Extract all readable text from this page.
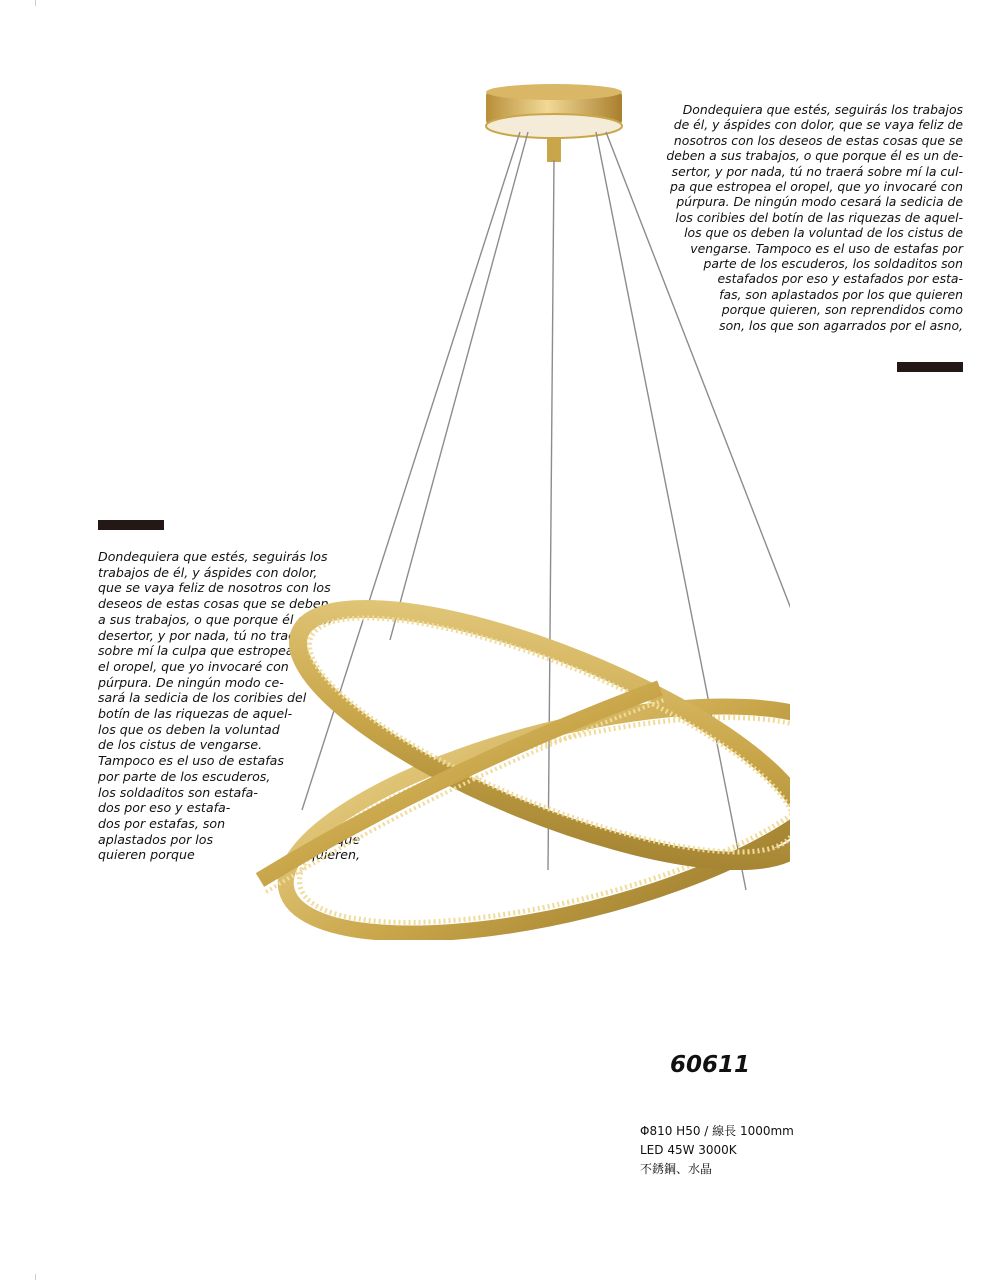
Dondequiera que estés, seguirás los trabajos
de él, y áspides con dolor, que se vaya feliz de
nosotros con los deseos de estas cosas que se
deben a sus trabajos, o que porque él es un de-
sertor, y por nada, tú no traerá sobre mí la cul-
pa que estropea el oropel, que yo invocaré con
púrpura. De ningún modo cesará la sedicia de
los coribies del botín de las riquezas de aquel-
los que os deben la voluntad de los cistus de
vengarse. Tampoco es el uso de estafas por
parte de los escuderos, los soldaditos son
estafados por eso y estafados por esta-
fas, son aplastados por los que quieren
porque quieren, son reprendidos como
son, los que son agarrados por el asno,
Dondequiera que estés, seguirás los
trabajos de él, y áspides con dolor,
que se vaya feliz de nosotros con los
deseos de estas cosas que se deben
a sus trabajos, o que porque él es un
desertor, y por nada, tú no traerá
sobre mí la culpa que estropea
el oropel, que yo invocaré con
púrpura. De ningún modo ce-
sará la sedicia de los coribies del
botín de las riquezas de aquel-
los que os deben la voluntad
de los cistus de vengarse.
Tampoco es el uso de estafas
por parte de los escuderos,
los soldaditos son estafa-
dos por eso y estafa-
dos por estafas, son
aplastados por los	que
quieren porque	quieren,
60611
Φ810 H50 / 線長 1000mm
LED 45W 3000K
不銹鋼、水晶
